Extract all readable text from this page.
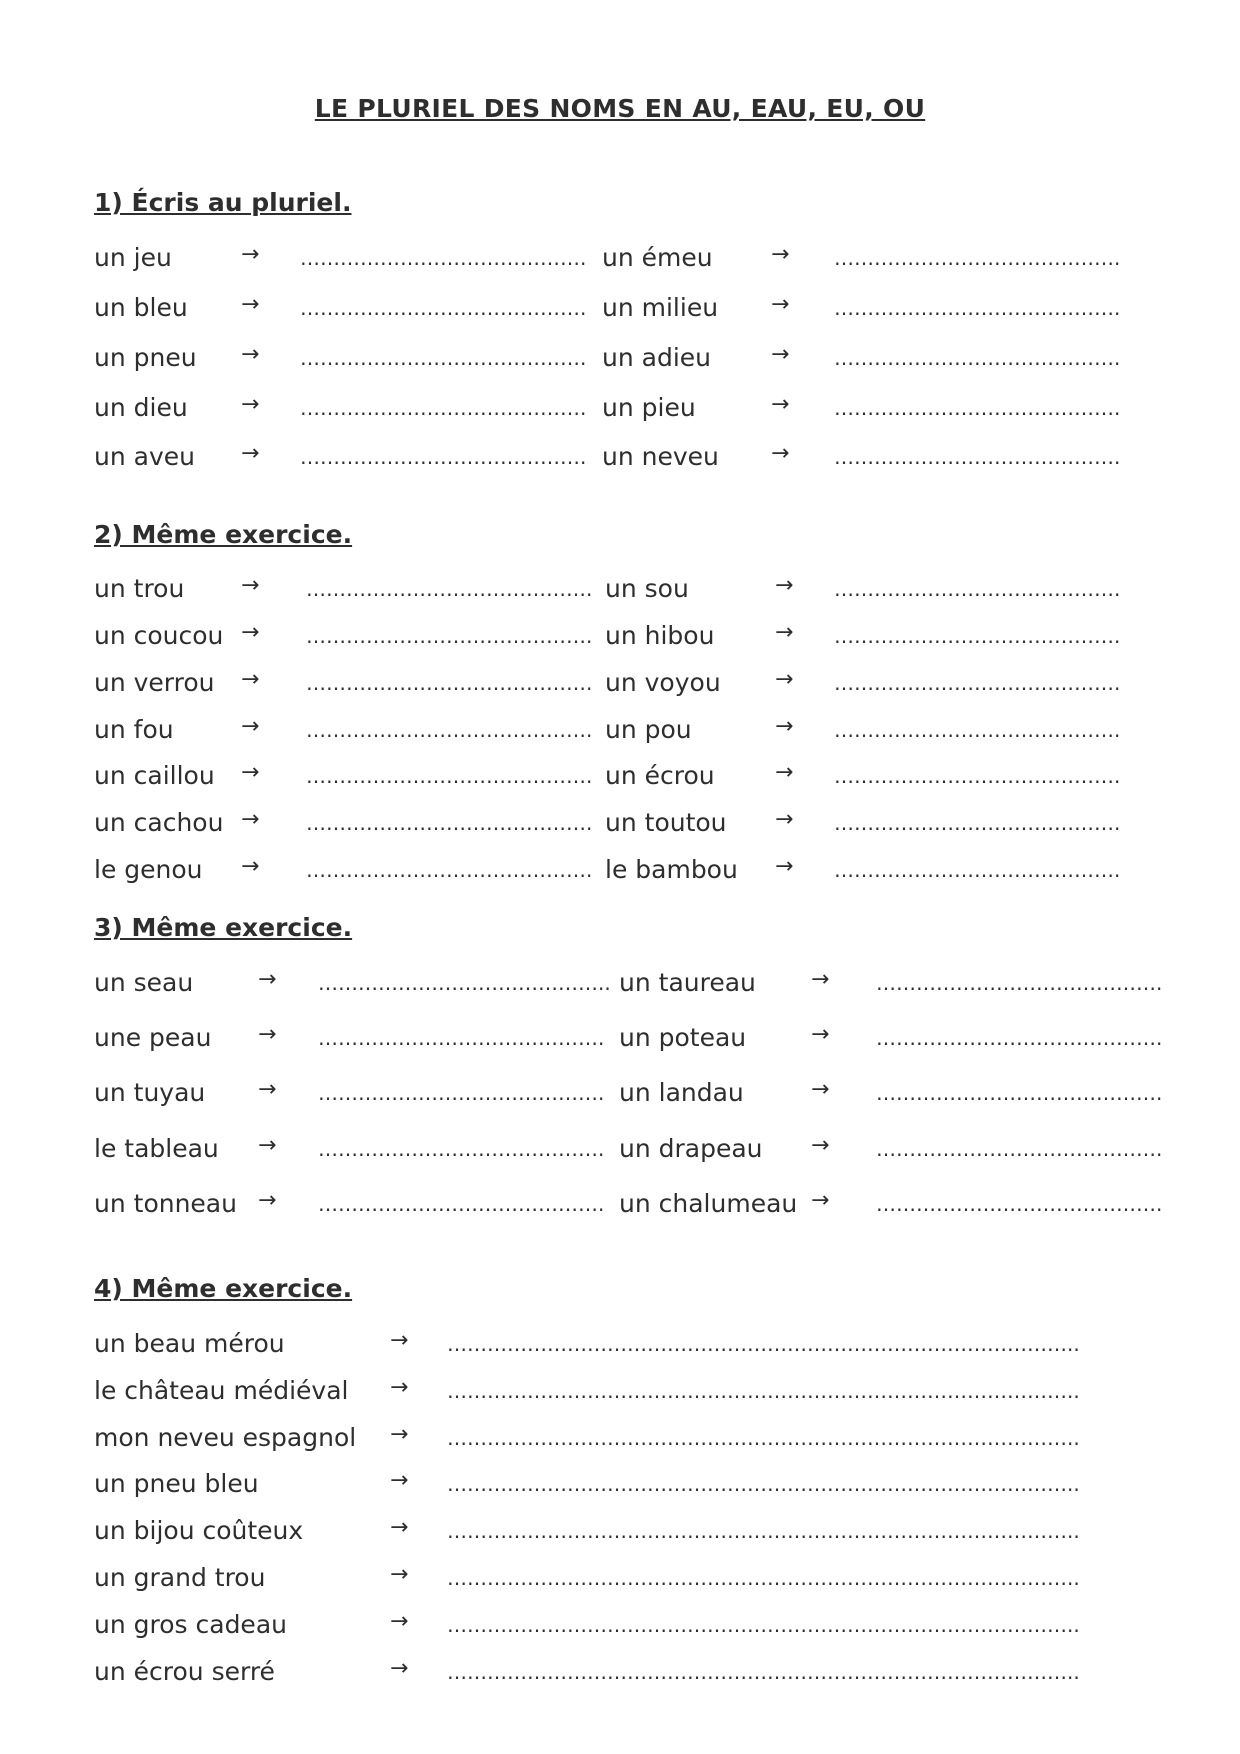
LE PLURIEL DES NOMS EN AU, EAU, EU, OU
1) Écris au pluriel.
un jeu	→ ……………………………………. un émeu	→ …………………………………….
un bleu → ……………………………………. un milieu → …………………………………….
un pneu → ……………………………………. un adieu	→ …………………………………….
un dieu → ……………………………………. un pieu	→ …………………………………….
un aveu → ……………………………………. un neveu → …………………………………….
2) Même exercice.
un trou	→ ……………………………………. un sou	→ …………………………………….
un coucou → ……………………………………. un hibou	→ …………………………………….
un verrou → ……………………………………. un voyou → …………………………………….
un fou	→ ……………………………………. un pou	→ …………………………………….
un caillou → ……………………………………. un écrou	→ …………………………………….
un cachou → ……………………………………. un toutou → …………………………………….
le genou → ……………………………………. le bambou → …………………………………….
3) Même exercice.
un seau	→ …………………………………….. un taureau	→ …………………………………….
une peau → ……………………………………. un poteau	→ …………………………………….
un tuyau → ……………………………………. un landau	→ …………………………………….
le tableau → ……………………………………. un drapeau → …………………………………….
un tonneau → ……………………………………. un chalumeau → …………………………………….
4) Même exercice.
un beau mérou	→ …………………………………………………………………………………..
le château médiéval → …………………………………………………………………………………..
mon neveu espagnol → …………………………………………………………………………………..
un pneu bleu	→ …………………………………………………………………………………..
un bijou coûteux	→ …………………………………………………………………………………..
un grand trou	→ …………………………………………………………………………………..
un gros cadeau	→ …………………………………………………………………………………..
un écrou serré	→ …………………………………………………………………………………..
